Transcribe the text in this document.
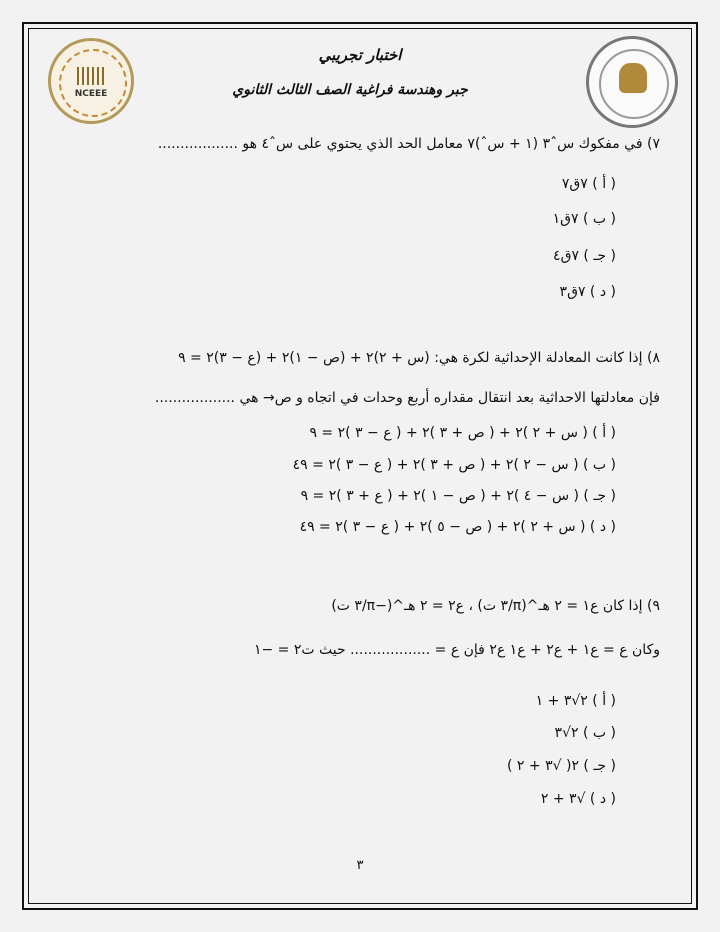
NCEEE
اختبار تجريبي
جبر وهندسة فراغية الصف الثالث الثانوي
٧) في مفكوك سˆ٣ (١ + سˆ)٧ معامل الحد الذي يحتوي على سˆ٤ هو ..................
( أ ) ٧ق٧
( ب ) ٧ق١
( جـ ) ٧ق٤
( د ) ٧ق٣
٨) إذا كانت المعادلة الإحداثية لكرة هي: (س + ٢)٢ + (ص − ١)٢ + (ع − ٣)٢ = ٩
فإن معادلتها الاحداثية بعد انتقال مقداره أربع وحدات في اتجاه و ص→ هي ..................
( أ ) ( س + ٢ )٢ + ( ص + ٣ )٢ + ( ع − ٣ )٢ = ٩
( ب ) ( س − ٢ )٢ + ( ص + ٣ )٢ + ( ع − ٣ )٢ = ٤٩
( جـ ) ( س − ٤ )٢ + ( ص − ١ )٢ + ( ع + ٣ )٢ = ٩
( د ) ( س + ٢ )٢ + ( ص − ٥ )٢ + ( ع − ٣ )٢ = ٤٩
٩) إذا كان ع١ = ٢ هـ^(π/٣ ت) ، ع٢ = ٢ هـ^(−π/٣ ت)
وكان ع = ع١ + ع٢ + ع١ ع٢ فإن ع = .................. حيث ت٢ = −١
( أ ) ٢√٣ + ١
( ب ) ٢√٣
( جـ ) ٢( √٣ + ٢ )
( د ) √٣ + ٢
٣
